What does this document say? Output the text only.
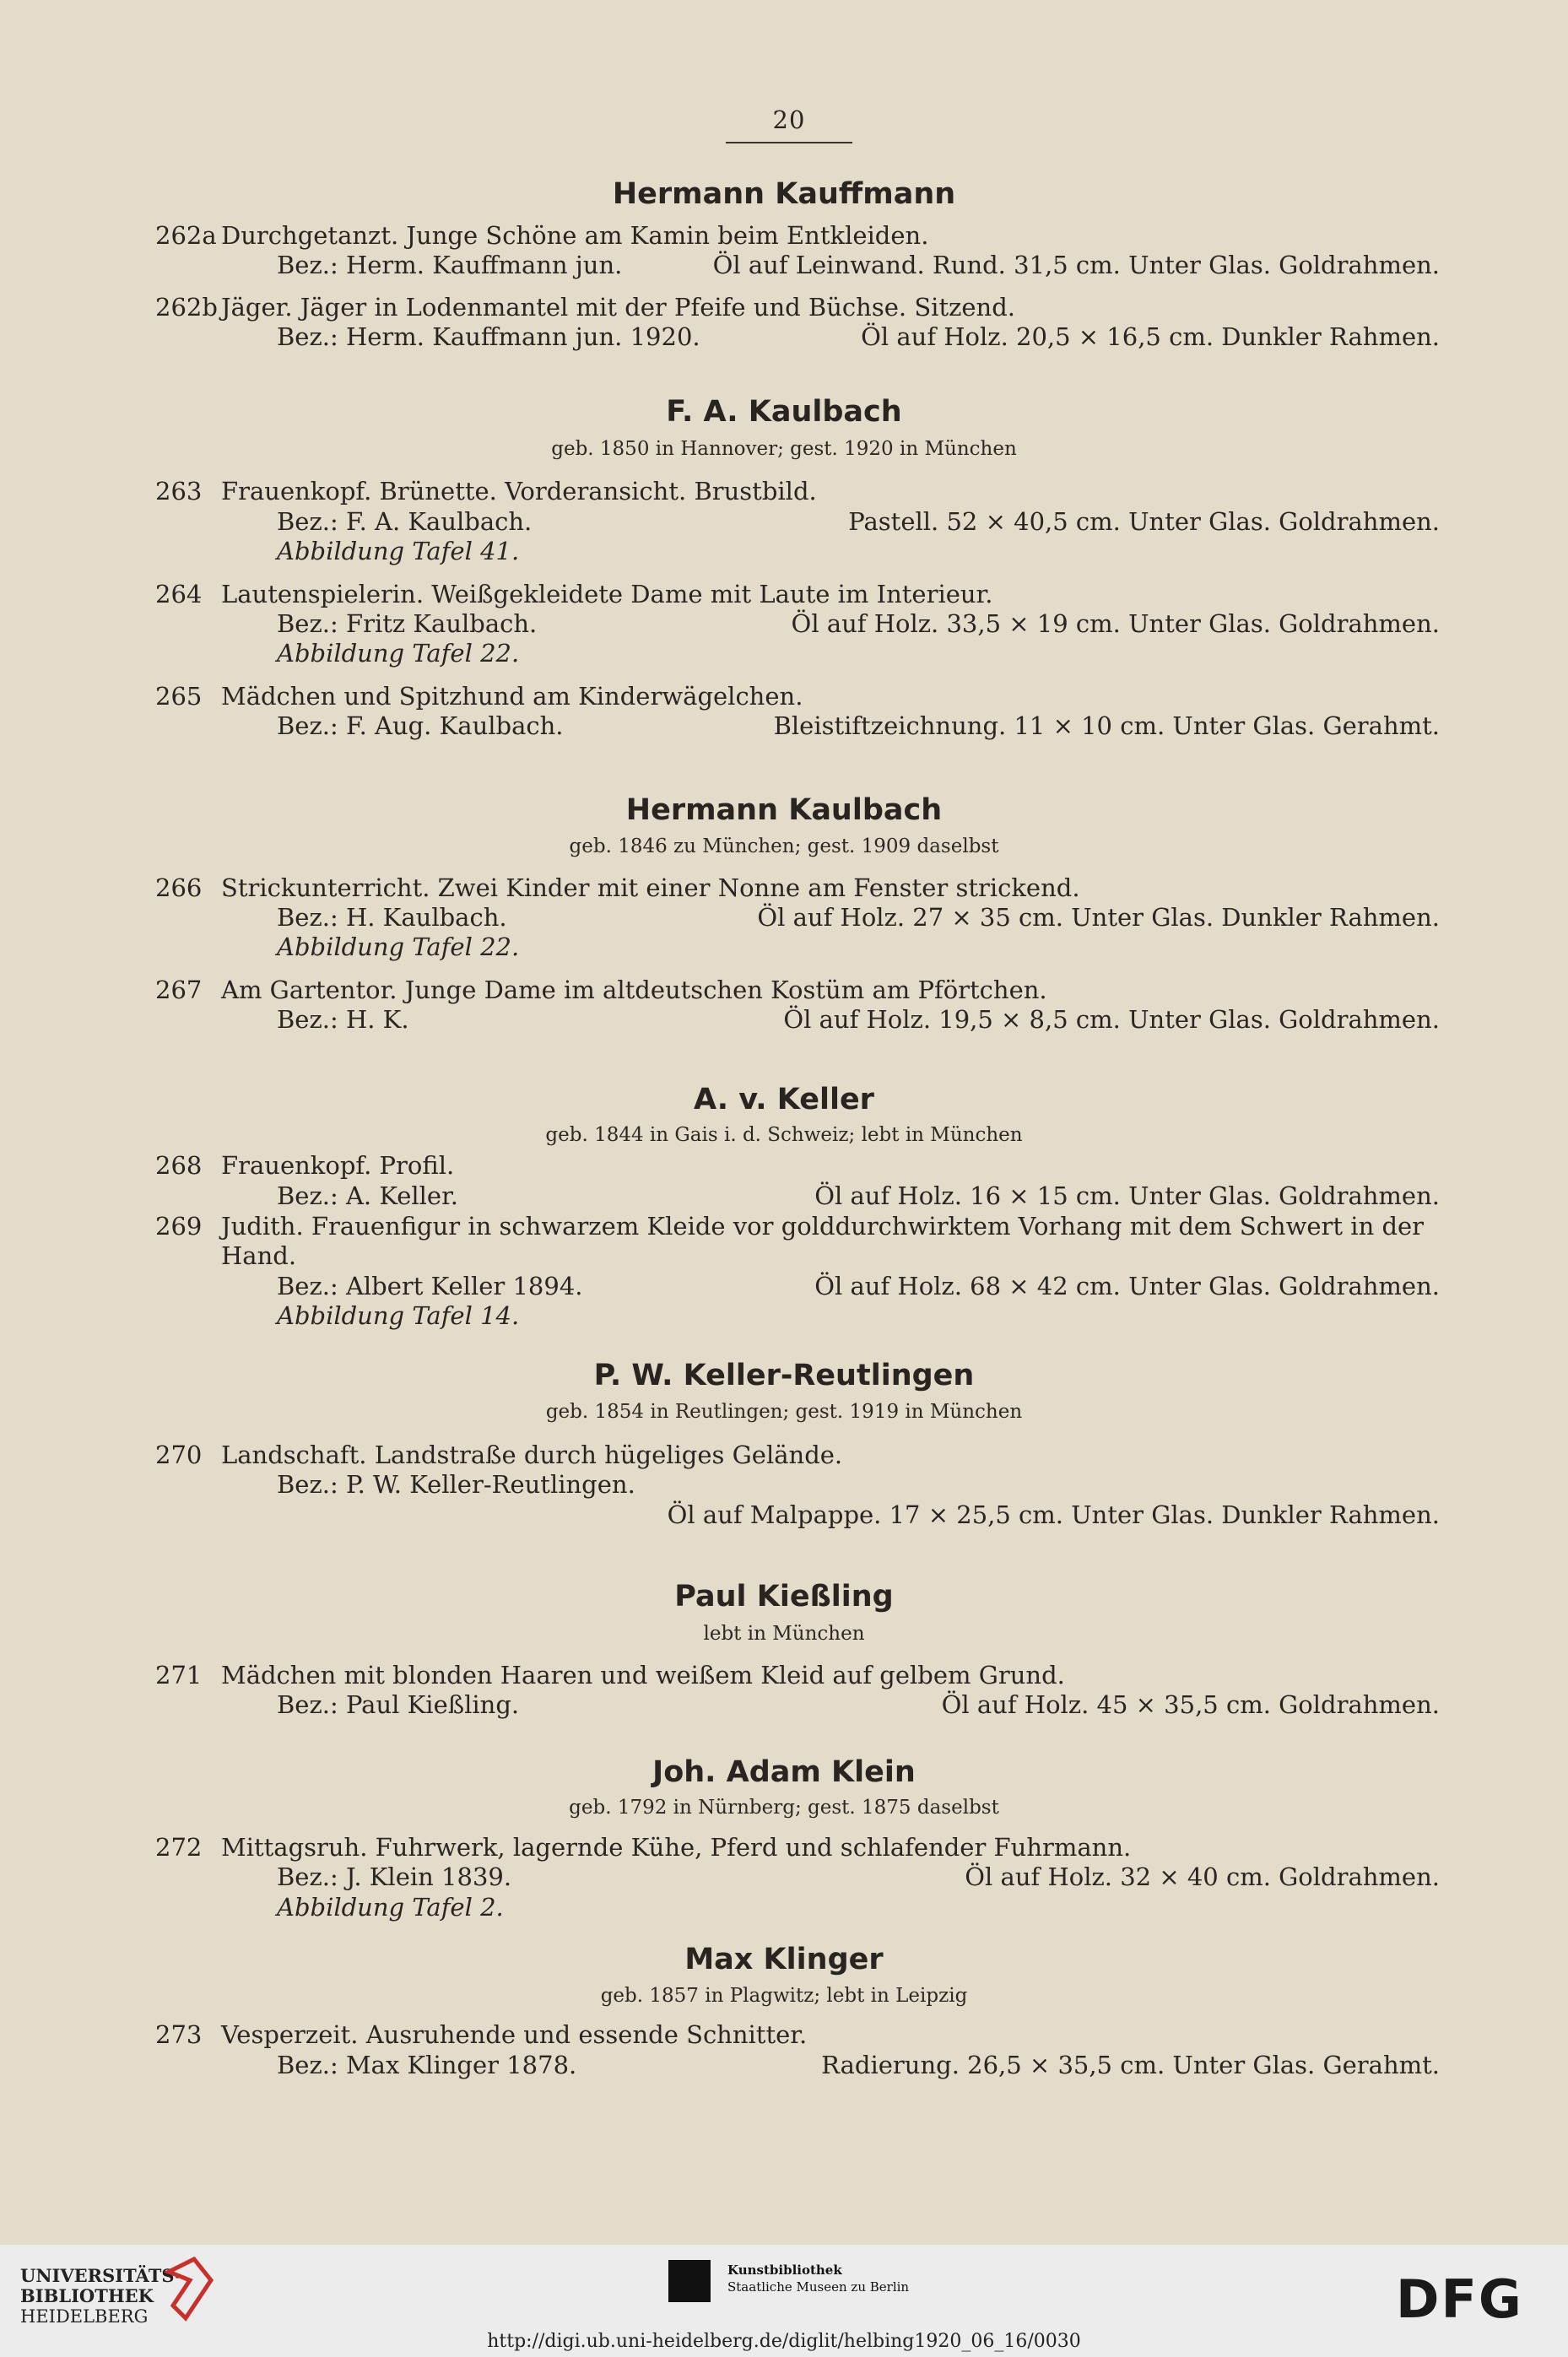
20
Hermann Kauffmann
262a Durchgetanzt. Junge Schöne am Kamin beim Entkleiden.
Bez.: Herm. Kauffmann jun.	Öl auf Leinwand. Rund. 31,5 cm. Unter Glas. Goldrahmen.
262b Jäger. Jäger in Lodenmantel mit der Pfeife und Büchse. Sitzend.
Bez.: Herm. Kauffmann jun. 1920.	Öl auf Holz. 20,5 × 16,5 cm. Dunkler Rahmen.
F. A. Kaulbach
geb. 1850 in Hannover; gest. 1920 in München
263 Frauenkopf. Brünette. Vorderansicht. Brustbild.
Bez.: F. A. Kaulbach.	Pastell. 52 × 40,5 cm. Unter Glas. Goldrahmen.
Abbildung Tafel 41.
264 Lautenspielerin. Weißgekleidete Dame mit Laute im Interieur.
Bez.: Fritz Kaulbach.	Öl auf Holz. 33,5 × 19 cm. Unter Glas. Goldrahmen.
Abbildung Tafel 22.
265 Mädchen und Spitzhund am Kinderwägelchen.
Bez.: F. Aug. Kaulbach.	Bleistiftzeichnung. 11 × 10 cm. Unter Glas. Gerahmt.
Hermann Kaulbach
geb. 1846 zu München; gest. 1909 daselbst
266 Strickunterricht. Zwei Kinder mit einer Nonne am Fenster strickend.
Bez.: H. Kaulbach.	Öl auf Holz. 27 × 35 cm. Unter Glas. Dunkler Rahmen.
Abbildung Tafel 22.
267 Am Gartentor. Junge Dame im altdeutschen Kostüm am Pförtchen.
Bez.: H. K.	Öl auf Holz. 19,5 × 8,5 cm. Unter Glas. Goldrahmen.
A. v. Keller
geb. 1844 in Gais i. d. Schweiz; lebt in München
268 Frauenkopf. Profil.
Bez.: A. Keller.	Öl auf Holz. 16 × 15 cm. Unter Glas. Goldrahmen.
269 Judith. Frauenfigur in schwarzem Kleide vor golddurchwirktem Vorhang mit dem Schwert in der
Hand.
Bez.: Albert Keller 1894.	Öl auf Holz. 68 × 42 cm. Unter Glas. Goldrahmen.
Abbildung Tafel 14.
P. W. Keller-Reutlingen
geb. 1854 in Reutlingen; gest. 1919 in München
270 Landschaft. Landstraße durch hügeliges Gelände.
Bez.: P. W. Keller-Reutlingen.
Öl auf Malpappe. 17 × 25,5 cm. Unter Glas. Dunkler Rahmen.
Paul Kießling
lebt in München
271 Mädchen mit blonden Haaren und weißem Kleid auf gelbem Grund.
Bez.: Paul Kießling.	Öl auf Holz. 45 × 35,5 cm. Goldrahmen.
Joh. Adam Klein
geb. 1792 in Nürnberg; gest. 1875 daselbst
272 Mittagsruh. Fuhrwerk, lagernde Kühe, Pferd und schlafender Fuhrmann.
Bez.: J. Klein 1839.	Öl auf Holz. 32 × 40 cm. Goldrahmen.
Abbildung Tafel 2.
Max Klinger
geb. 1857 in Plagwitz; lebt in Leipzig
273 Vesperzeit. Ausruhende und essende Schnitter.
Bez.: Max Klinger 1878.	Radierung. 26,5 × 35,5 cm. Unter Glas. Gerahmt.
UNIVERSITÄTS-
BIBLIOTHEK
HEIDELBERG
Kunstbibliothek
Staatliche Museen zu Berlin	DFG
http://digi.ub.uni-heidelberg.de/diglit/helbing1920_06_16/0030
